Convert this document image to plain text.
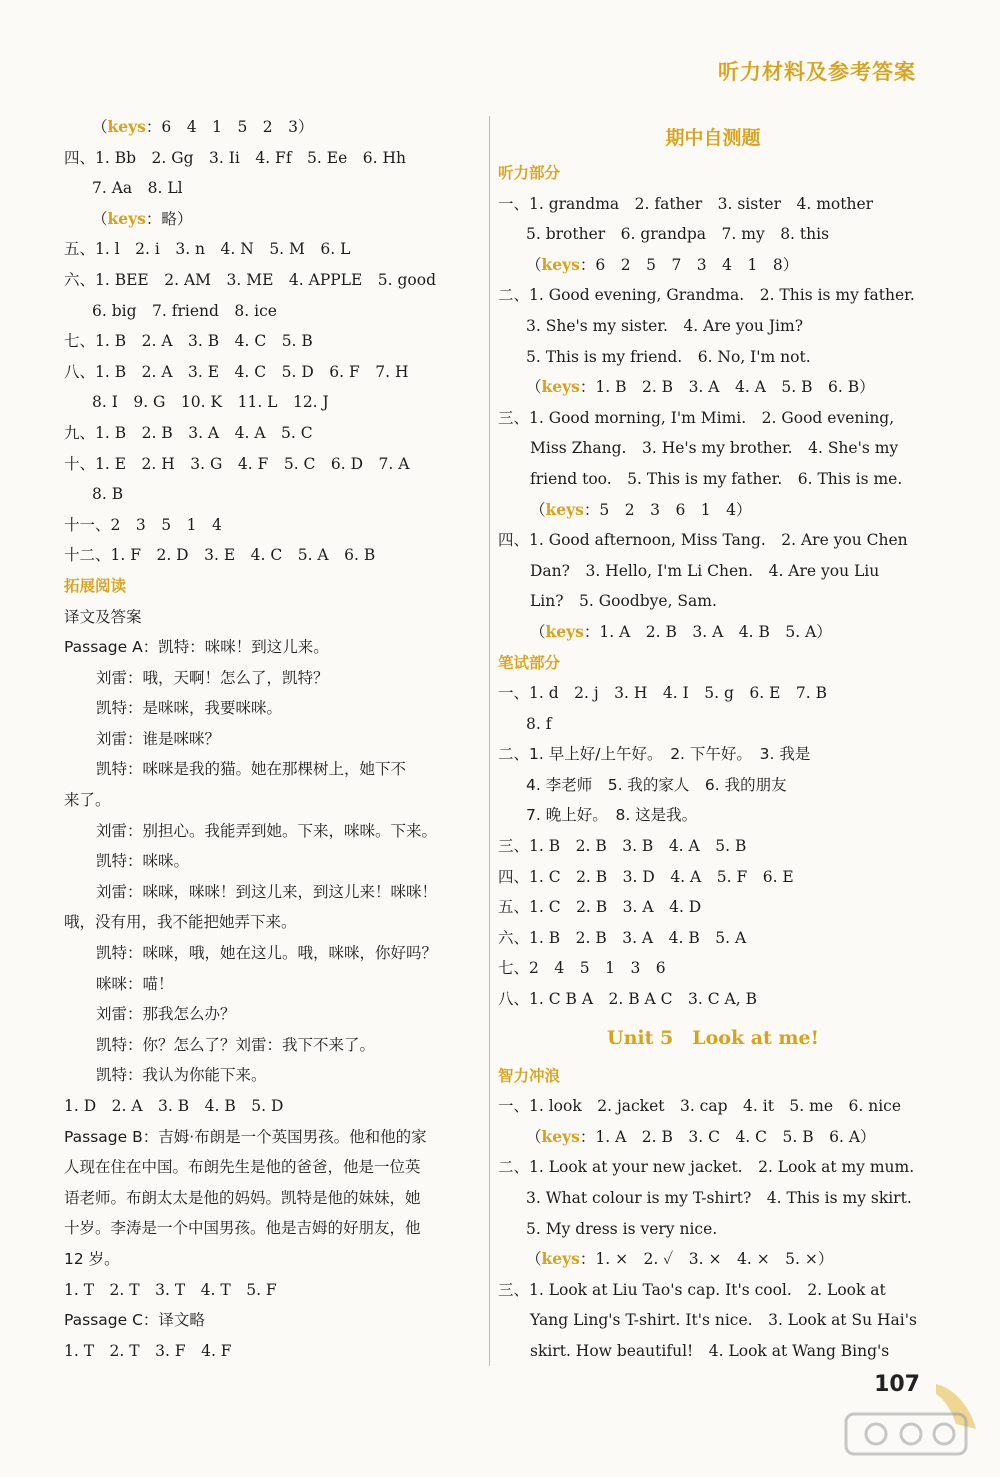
听力材料及参考答案
（keys：6　4　1　5　2　3）
四、1. Bb　2. Gg　3. Ii　4. Ff　5. Ee　6. Hh
7. Aa　8. Ll
（keys：略）
五、1. l　2. i　3. n　4. N　5. M　6. L
六、1. BEE　2. AM　3. ME　4. APPLE　5. good
6. big　7. friend　8. ice
七、1. B　2. A　3. B　4. C　5. B
八、1. B　2. A　3. E　4. C　5. D　6. F　7. H
8. I　9. G　10. K　11. L　12. J
九、1. B　2. B　3. A　4. A　5. C
十、1. E　2. H　3. G　4. F　5. C　6. D　7. A
8. B
十一、2　3　5　1　4
十二、1. F　2. D　3. E　4. C　5. A　6. B
拓展阅读
译文及答案
Passage A：凯特：咪咪！到这儿来。
刘雷：哦，天啊！怎么了，凯特？
凯特：是咪咪，我要咪咪。
刘雷：谁是咪咪？
凯特：咪咪是我的猫。她在那棵树上，她下不
来了。
刘雷：别担心。我能弄到她。下来，咪咪。下来。
凯特：咪咪。
刘雷：咪咪，咪咪！到这儿来，到这儿来！咪咪！
哦，没有用，我不能把她弄下来。
凯特：咪咪，哦，她在这儿。哦，咪咪，你好吗？
咪咪：喵！
刘雷：那我怎么办？
凯特：你？怎么了？刘雷：我下不来了。
凯特：我认为你能下来。
1. D　2. A　3. B　4. B　5. D
Passage B：吉姆·布朗是一个英国男孩。他和他的家
人现在住在中国。布朗先生是他的爸爸，他是一位英
语老师。布朗太太是他的妈妈。凯特是他的妹妹，她
十岁。李涛是一个中国男孩。他是吉姆的好朋友，他
12 岁。
1. T　2. T　3. T　4. T　5. F
Passage C：译文略
1. T　2. T　3. F　4. F
期中自测题
听力部分
一、1. grandma　2. father　3. sister　4. mother
5. brother　6. grandpa　7. my　8. this
（keys：6　2　5　7　3　4　1　8）
二、1. Good evening, Grandma.　2. This is my father.
3. She's my sister.　4. Are you Jim?
5. This is my friend.　6. No, I'm not.
（keys：1. B　2. B　3. A　4. A　5. B　6. B）
三、1. Good morning, I'm Mimi.　2. Good evening,
Miss Zhang.　3. He's my brother.　4. She's my
friend too.　5. This is my father.　6. This is me.
（keys：5　2　3　6　1　4）
四、1. Good afternoon, Miss Tang.　2. Are you Chen
Dan?　3. Hello, I'm Li Chen.　4. Are you Liu
Lin?　5. Goodbye, Sam.
（keys：1. A　2. B　3. A　4. B　5. A）
笔试部分
一、1. d　2. j　3. H　4. I　5. g　6. E　7. B
8. f
二、1. 早上好/上午好。　2. 下午好。　3. 我是
4. 李老师　5. 我的家人　6. 我的朋友
7. 晚上好。　8. 这是我。
三、1. B　2. B　3. B　4. A　5. B
四、1. C　2. B　3. D　4. A　5. F　6. E
五、1. C　2. B　3. A　4. D
六、1. B　2. B　3. A　4. B　5. A
七、2　4　5　1　3　6
八、1. C B A　2. B A C　3. C A, B
Unit 5　Look at me!
智力冲浪
一、1. look　2. jacket　3. cap　4. it　5. me　6. nice
（keys：1. A　2. B　3. C　4. C　5. B　6. A）
二、1. Look at your new jacket.　2. Look at my mum.
3. What colour is my T-shirt?　4. This is my skirt.
5. My dress is very nice.
（keys：1. ×　2. ✓　3. ×　4. ×　5. ×）
三、1. Look at Liu Tao's cap. It's cool.　2. Look at
Yang Ling's T-shirt. It's nice.　3. Look at Su Hai's
skirt. How beautiful!　4. Look at Wang Bing's
107
